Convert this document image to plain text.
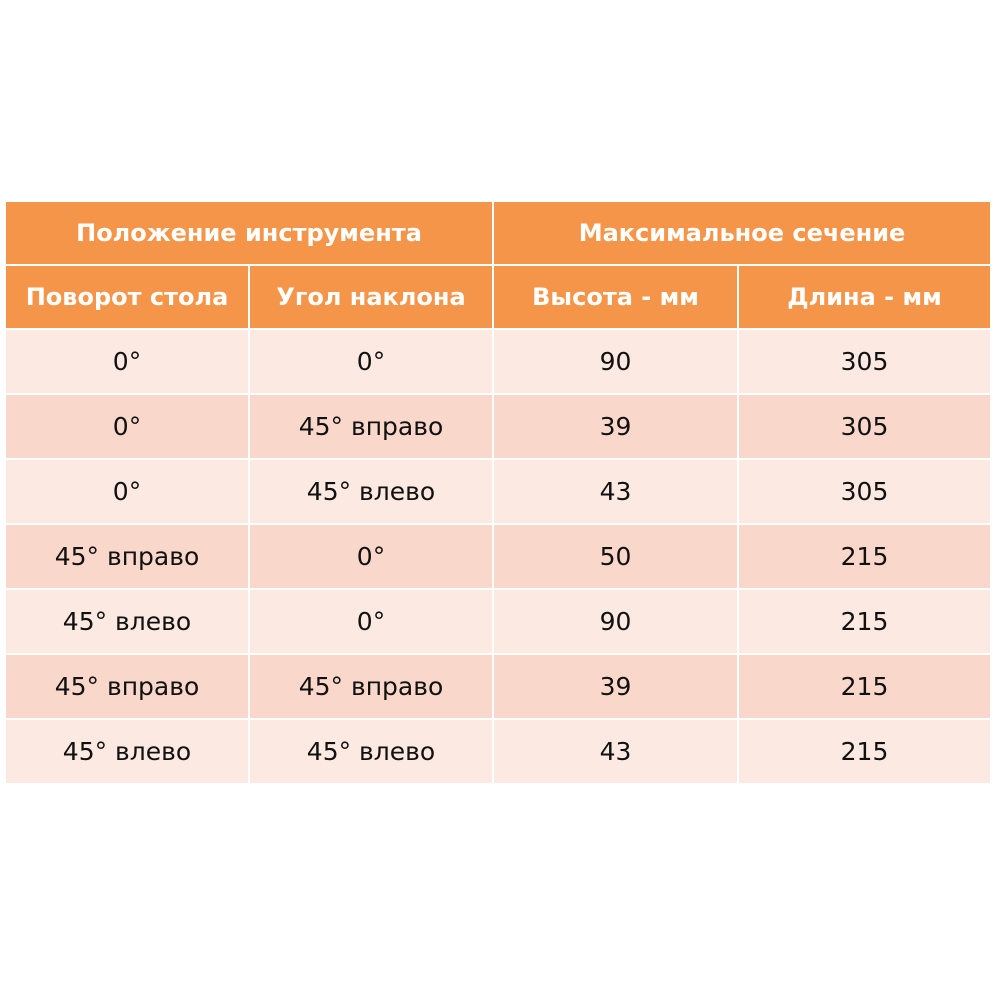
Положение инструмента		Максимальное сечение	
Поворот стола	Угол наклона	Высота - мм	Длина - мм
0°	0°	90	305
0°	45° вправо	39	305
0°	45° влево	43	305
45° вправо	0°	50	215
45° влево	0°	90	215
45° вправо	45° вправо	39	215
45° влево	45° влево	43	215
